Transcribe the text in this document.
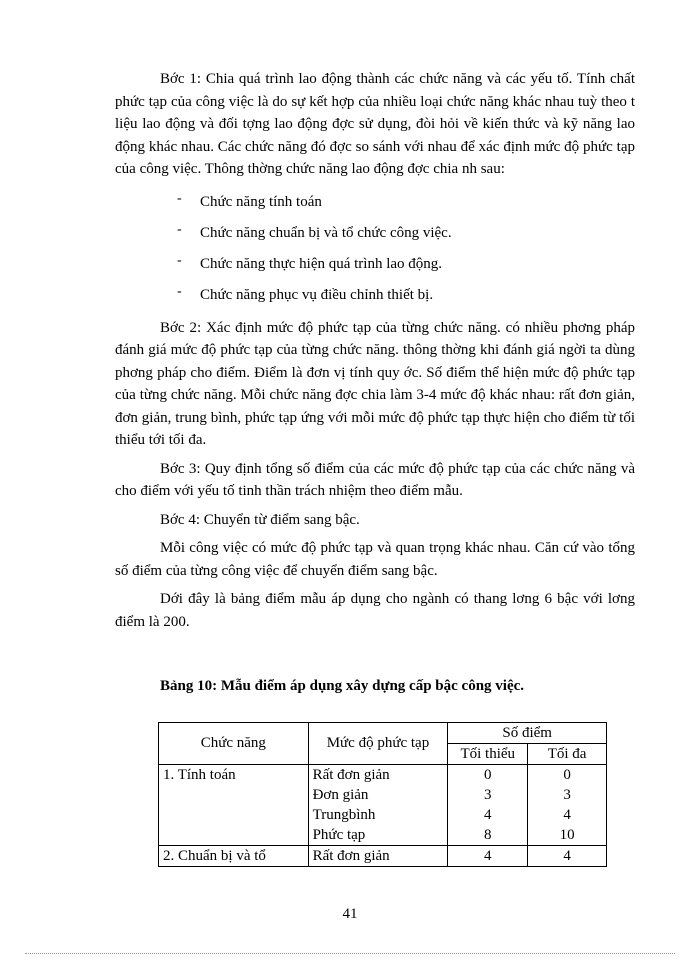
Bớc 1: Chia quá trình lao động thành các chức năng và các yếu tố. Tính chất phức tạp của công việc là do sự kết hợp của nhiều loại chức năng khác nhau tuỳ theo t liệu lao động và đối tợng lao động đợc sử dụng, đòi hỏi về kiến thức và kỹ năng lao động khác nhau. Các chức năng đó đợc so sánh với nhau để xác định mức độ phức tạp của công việc. Thông thờng chức năng lao động đợc chia nh sau:

- Chức năng tính toán
- Chức năng chuẩn bị và tổ chức công việc.
- Chức năng thực hiện quá trình lao động.
- Chức năng phục vụ điều chỉnh thiết bị.

Bớc 2: Xác định mức độ phức tạp của từng chức năng. có nhiều phơng pháp đánh giá mức độ phức tạp của từng chức năng. thông thờng khi đánh giá ngời ta dùng phơng pháp cho điểm. Điểm là đơn vị tính quy ớc. Số điểm thể hiện mức độ phức tạp của từng chức năng. Mỗi chức năng đợc chia làm 3-4 mức độ khác nhau: rất đơn giản, đơn giản, trung bình, phức tạp ứng với mỗi mức độ phức tạp thực hiện cho điểm từ tối thiểu tới tối đa.

Bớc 3: Quy định tổng số điểm của các mức độ phức tạp của các chức năng và cho điểm với yếu tố tinh thần trách nhiệm theo điểm mẫu.

Bớc 4: Chuyển từ điểm sang bậc.

Mỗi công việc có mức độ phức tạp và quan trọng khác nhau. Căn cứ vào tổng số điểm của từng công việc để chuyển điểm sang bậc.

Dới đây là bảng điểm mẫu áp dụng cho ngành có thang lơng 6 bậc với lơng điểm là 200.

Bảng 10: Mẫu điểm áp dụng xây dựng cấp bậc công việc.
Chức năng	Mức độ phức tạp	Số điểm	
		Tối thiểu	Tối đa
1. Tính toán	Rất đơn giản	0	0
	Đơn giản	3	3
	Trungbình	4	4
	Phức tạp	8	10
2. Chuẩn bị và tổ	Rất đơn giản	4	4
41
